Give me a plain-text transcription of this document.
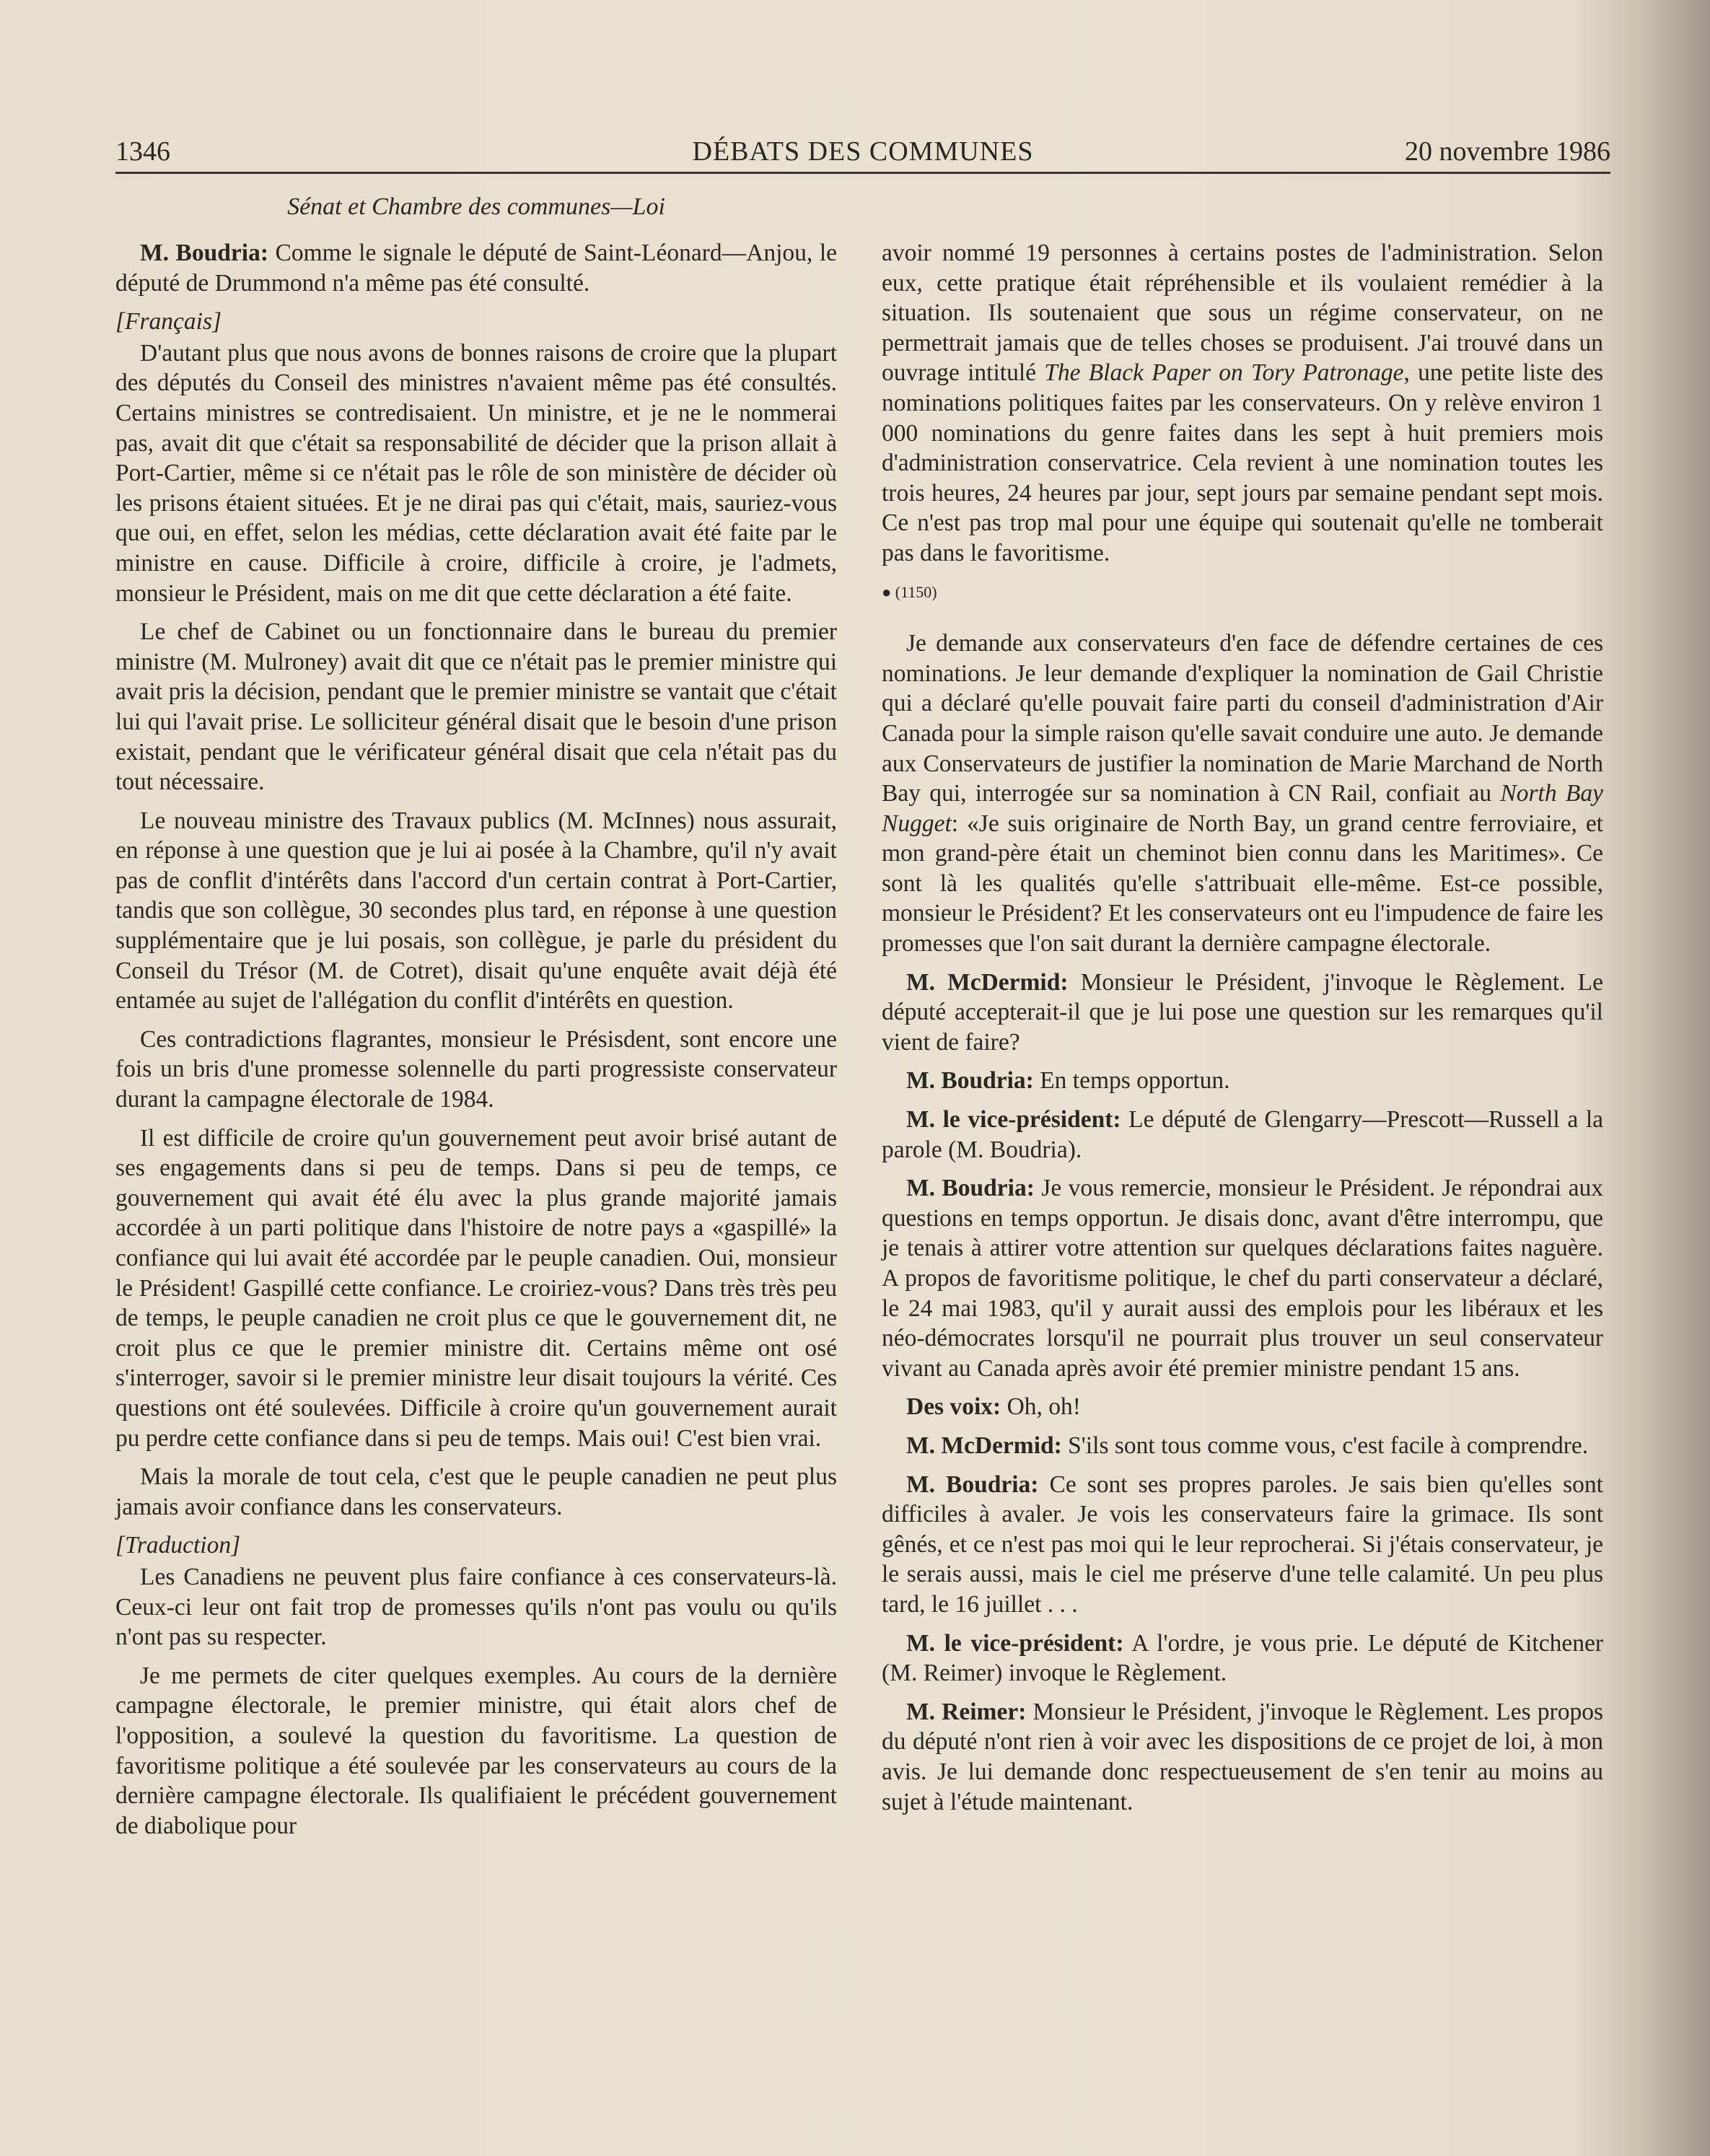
1346	DÉBATS DES COMMUNES	20 novembre 1986
Sénat et Chambre des communes—Loi

M. Boudria: Comme le signale le député de Saint-Léonard—Anjou, le député de Drummond n'a même pas été consulté.

[Français]

D'autant plus que nous avons de bonnes raisons de croire que la plupart des députés du Conseil des ministres n'avaient même pas été consultés. Certains ministres se contredisaient. Un ministre, et je ne le nommerai pas, avait dit que c'était sa responsabilité de décider que la prison allait à Port-Cartier, même si ce n'était pas le rôle de son ministère de décider où les prisons étaient situées. Et je ne dirai pas qui c'était, mais, sauriez-vous que oui, en effet, selon les médias, cette déclaration avait été faite par le ministre en cause. Difficile à croire, difficile à croire, je l'admets, monsieur le Président, mais on me dit que cette déclaration a été faite.

Le chef de Cabinet ou un fonctionnaire dans le bureau du premier ministre (M. Mulroney) avait dit que ce n'était pas le premier ministre qui avait pris la décision, pendant que le premier ministre se vantait que c'était lui qui l'avait prise. Le solliciteur général disait que le besoin d'une prison existait, pendant que le vérificateur général disait que cela n'était pas du tout nécessaire.

Le nouveau ministre des Travaux publics (M. McInnes) nous assurait, en réponse à une question que je lui ai posée à la Chambre, qu'il n'y avait pas de conflit d'intérêts dans l'accord d'un certain contrat à Port-Cartier, tandis que son collègue, 30 secondes plus tard, en réponse à une question supplémentaire que je lui posais, son collègue, je parle du président du Conseil du Trésor (M. de Cotret), disait qu'une enquête avait déjà été entamée au sujet de l'allégation du conflit d'intérêts en question.

Ces contradictions flagrantes, monsieur le Présisdent, sont encore une fois un bris d'une promesse solennelle du parti progressiste conservateur durant la campagne électorale de 1984.

Il est difficile de croire qu'un gouvernement peut avoir brisé autant de ses engagements dans si peu de temps. Dans si peu de temps, ce gouvernement qui avait été élu avec la plus grande majorité jamais accordée à un parti politique dans l'histoire de notre pays a «gaspillé» la confiance qui lui avait été accordée par le peuple canadien. Oui, monsieur le Président! Gaspillé cette confiance. Le croiriez-vous? Dans très très peu de temps, le peuple canadien ne croit plus ce que le gouvernement dit, ne croit plus ce que le premier ministre dit. Certains même ont osé s'interroger, savoir si le premier ministre leur disait toujours la vérité. Ces questions ont été soulevées. Difficile à croire qu'un gouvernement aurait pu perdre cette confiance dans si peu de temps. Mais oui! C'est bien vrai.

Mais la morale de tout cela, c'est que le peuple canadien ne peut plus jamais avoir confiance dans les conservateurs.

[Traduction]

Les Canadiens ne peuvent plus faire confiance à ces conservateurs-là. Ceux-ci leur ont fait trop de promesses qu'ils n'ont pas voulu ou qu'ils n'ont pas su respecter.

Je me permets de citer quelques exemples. Au cours de la dernière campagne électorale, le premier ministre, qui était alors chef de l'opposition, a soulevé la question du favoritisme. La question de favoritisme politique a été soulevée par les conservateurs au cours de la dernière campagne électorale. Ils qualifiaient le précédent gouvernement de diabolique pour

avoir nommé 19 personnes à certains postes de l'administration. Selon eux, cette pratique était répréhensible et ils voulaient remédier à la situation. Ils soutenaient que sous un régime conservateur, on ne permettrait jamais que de telles choses se produisent. J'ai trouvé dans un ouvrage intitulé The Black Paper on Tory Patronage, une petite liste des nominations politiques faites par les conservateurs. On y relève environ 1 000 nominations du genre faites dans les sept à huit premiers mois d'administration conservatrice. Cela revient à une nomination toutes les trois heures, 24 heures par jour, sept jours par semaine pendant sept mois. Ce n'est pas trop mal pour une équipe qui soutenait qu'elle ne tomberait pas dans le favoritisme.

● (1150)

Je demande aux conservateurs d'en face de défendre certaines de ces nominations. Je leur demande d'expliquer la nomination de Gail Christie qui a déclaré qu'elle pouvait faire parti du conseil d'administration d'Air Canada pour la simple raison qu'elle savait conduire une auto. Je demande aux Conservateurs de justifier la nomination de Marie Marchand de North Bay qui, interrogée sur sa nomination à CN Rail, confiait au North Bay Nugget: «Je suis originaire de North Bay, un grand centre ferroviaire, et mon grand-père était un cheminot bien connu dans les Maritimes». Ce sont là les qualités qu'elle s'attribuait elle-même. Est-ce possible, monsieur le Président? Et les conservateurs ont eu l'impudence de faire les promesses que l'on sait durant la dernière campagne électorale.

M. McDermid: Monsieur le Président, j'invoque le Règlement. Le député accepterait-il que je lui pose une question sur les remarques qu'il vient de faire?

M. Boudria: En temps opportun.

M. le vice-président: Le député de Glengarry—Prescott—Russell a la parole (M. Boudria).

M. Boudria: Je vous remercie, monsieur le Président. Je répondrai aux questions en temps opportun. Je disais donc, avant d'être interrompu, que je tenais à attirer votre attention sur quelques déclarations faites naguère. A propos de favoritisme politique, le chef du parti conservateur a déclaré, le 24 mai 1983, qu'il y aurait aussi des emplois pour les libéraux et les néo-démocrates lorsqu'il ne pourrait plus trouver un seul conservateur vivant au Canada après avoir été premier ministre pendant 15 ans.

Des voix: Oh, oh!

M. McDermid: S'ils sont tous comme vous, c'est facile à comprendre.

M. Boudria: Ce sont ses propres paroles. Je sais bien qu'elles sont difficiles à avaler. Je vois les conservateurs faire la grimace. Ils sont gênés, et ce n'est pas moi qui le leur reprocherai. Si j'étais conservateur, je le serais aussi, mais le ciel me préserve d'une telle calamité. Un peu plus tard, le 16 juillet . . .

M. le vice-président: A l'ordre, je vous prie. Le député de Kitchener (M. Reimer) invoque le Règlement.

M. Reimer: Monsieur le Président, j'invoque le Règlement. Les propos du député n'ont rien à voir avec les dispositions de ce projet de loi, à mon avis. Je lui demande donc respectueusement de s'en tenir au moins au sujet à l'étude maintenant.
